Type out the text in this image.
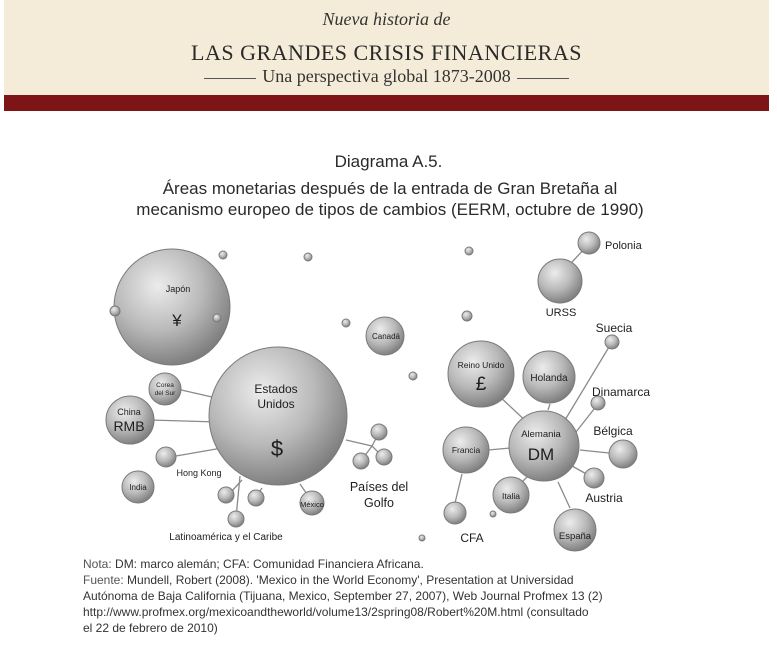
Nueva historia de
LAS GRANDES CRISIS FINANCIERAS
Una perspectiva global 1873-2008
Diagrama A.5.
Áreas monetarias después de la entrada de Gran Bretaña al
mecanismo europeo de tipos de cambios (EERM, octubre de 1990)
Japón
¥
Estados
Unidos
$
Canadá
Corea
del Sur
China
RMB
India
Hong Kong
México
Latinoamérica y el Caribe
Países del
Golfo
Polonia
URSS
Suecia
Reino Unido
£	Holanda
Dinamarca
Bélgica
Alemania
DM
Francia
Italia	Austria
CFA	España
Nota: DM: marco alemán; CFA: Comunidad Financiera Africana.
Fuente: Mundell, Robert (2008). 'Mexico in the World Economy', Presentation at Universidad
Autónoma de Baja California (Tijuana, Mexico, September 27, 2007), Web Journal Profmex 13 (2)
http://www.profmex.org/mexicoandtheworld/volume13/2spring08/Robert%20M.html (consultado
el 22 de febrero de 2010)
